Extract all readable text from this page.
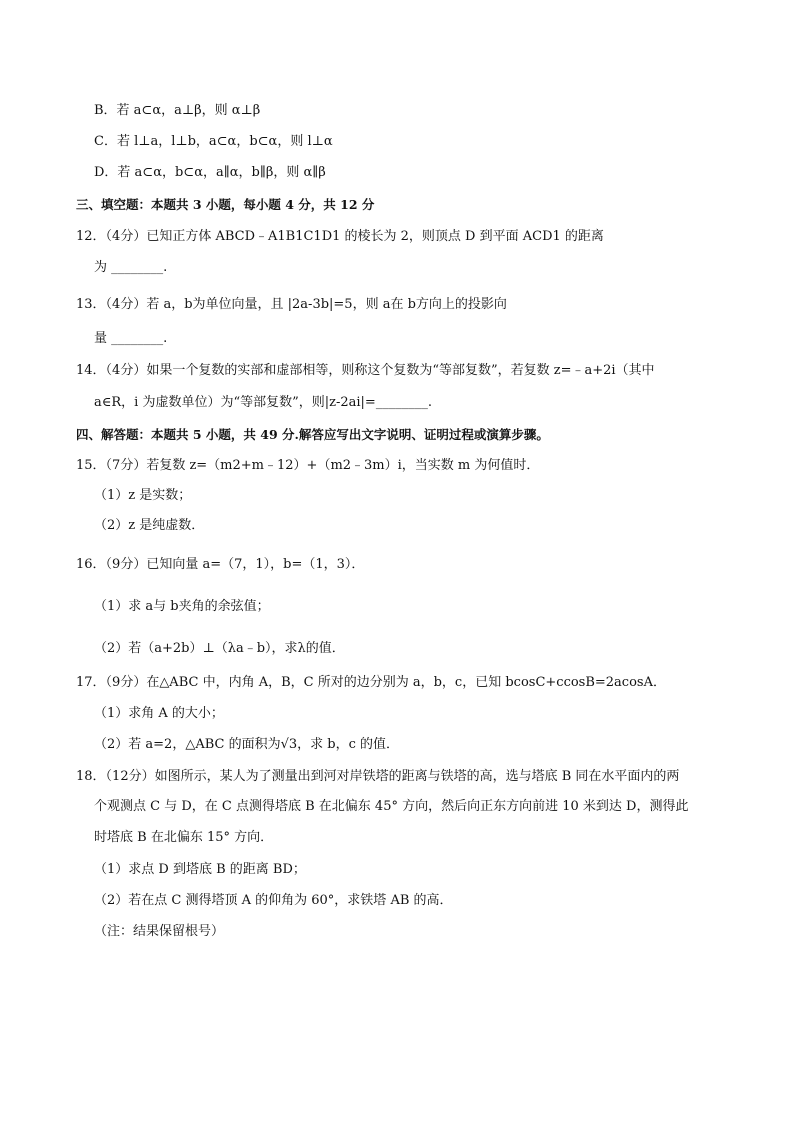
B．若 a⊂α，a⊥β，则 α⊥β
C．若 l⊥a，l⊥b，a⊂α，b⊂α，则 l⊥α
D．若 a⊂α，b⊂α，a∥α，b∥β，则 α∥β
三、填空题：本题共 3 小题，每小题 4 分，共 12 分
12．（4分）已知正方体 ABCD﹣A1B1C1D1 的棱长为 2，则顶点 D 到平面 ACD1 的距离
为 ________.
13．（4分）若 a，b为单位向量，且 |2a-3b|=5，则 a在 b方向上的投影向
量 ________.
14．（4分）如果一个复数的实部和虚部相等，则称这个复数为“等部复数”，若复数 z=﹣a+2i（其中
a∈R，i 为虚数单位）为“等部复数”，则|z-2ai|=________.
四、解答题：本题共 5 小题，共 49 分.解答应写出文字说明、证明过程或演算步骤。
15．（7分）若复数 z=（m2+m﹣12）+（m2﹣3m）i，当实数 m 为何值时．
（1）z 是实数；
（2）z 是纯虚数．
16．（9分）已知向量 a=（7，1），b=（1，3）．
（1）求 a与 b夹角的余弦值；
（2）若（a+2b）⊥（λa﹣b），求λ的值．
17．（9分）在△ABC 中，内角 A，B，C 所对的边分别为 a，b，c，已知 bcosC+ccosB=2acosA．
（1）求角 A 的大小；
（2）若 a=2，△ABC 的面积为√3，求 b，c 的值．
18．（12分）如图所示，某人为了测量出到河对岸铁塔的距离与铁塔的高，选与塔底 B 同在水平面内的两
个观测点 C 与 D，在 C 点测得塔底 B 在北偏东 45° 方向，然后向正东方向前进 10 米到达 D，测得此
时塔底 B 在北偏东 15° 方向．
（1）求点 D 到塔底 B 的距离 BD；
（2）若在点 C 测得塔顶 A 的仰角为 60°，求铁塔 AB 的高．
（注：结果保留根号）
